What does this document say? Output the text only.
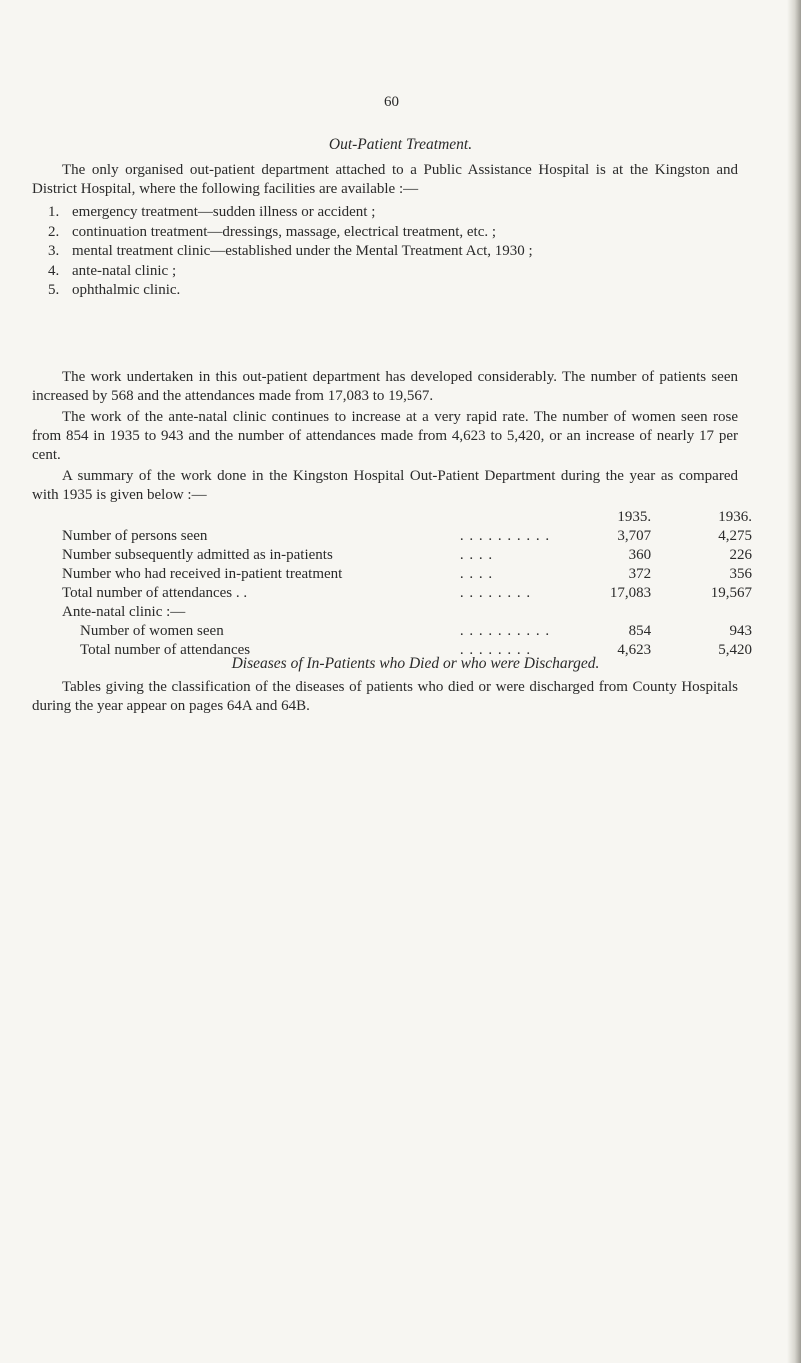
60
Out-Patient Treatment.

The only organised out-patient department attached to a Public Assistance Hospital is at the Kingston and District Hospital, where the following facilities are available :—

1. emergency treatment—sudden illness or accident ;
2. continuation treatment—dressings, massage, electrical treatment, etc. ;
3. mental treatment clinic—established under the Mental Treatment Act, 1930 ;
4. ante-natal clinic ;
5. ophthalmic clinic.

The work undertaken in this out-patient department has developed considerably. The number of patients seen increased by 568 and the attendances made from 17,083 to 19,567.

The work of the ante-natal clinic continues to increase at a very rapid rate. The number of women seen rose from 854 in 1935 to 943 and the number of attendances made from 4,623 to 5,420, or an increase of nearly 17 per cent.

A summary of the work done in the Kingston Hospital Out-Patient Department during the year as compared with 1935 is given below :—

		1935.	1936.
Number of persons seen	. . . . . . . . . .	3,707	4,275
Number subsequently admitted as in-patients	. . . .	360	226
Number who had received in-patient treatment	. . . .	372	356
Total number of attendances . .	. . . . . . . .	17,083	19,567
Ante-natal clinic :—			
Number of women seen	. . . . . . . . . .	854	943
Total number of attendances	. . . . . . . .	4,623	5,420
Diseases of In-Patients who Died or who were Discharged.

Tables giving the classification of the diseases of patients who died or were discharged from County Hospitals during the year appear on pages 64A and 64B.
